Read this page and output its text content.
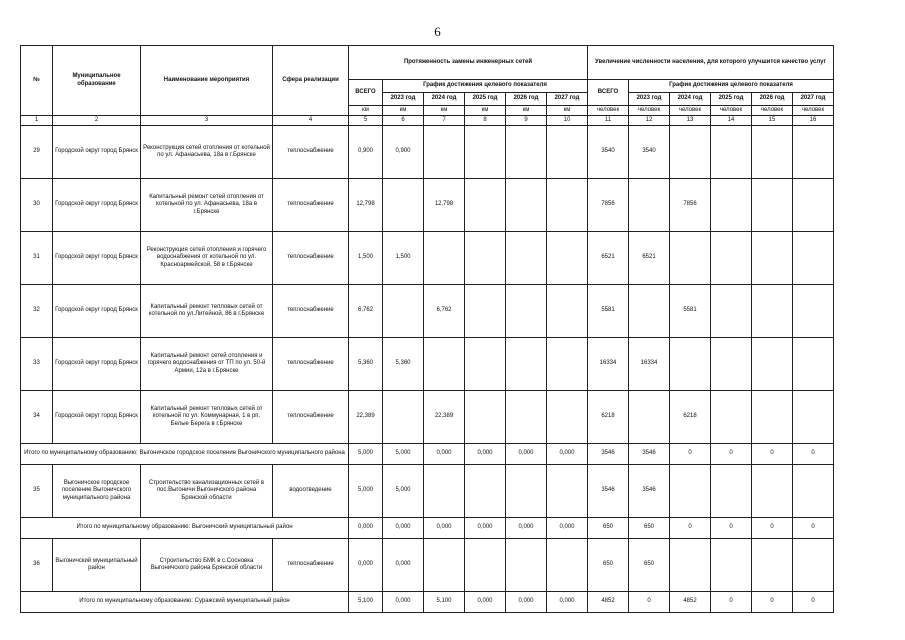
6
№	Муниципальное образование	Наименование мероприятия	Сфера реализации	Протяженность замены инженерных сетей						Увеличение численности населения, для которого улучшится качество услуг					
				ВСЕГО	График достижения целевого показателя					ВСЕГО	График достижения целевого показателя				
					2023 год	2024 год	2025 год	2026 год	2027 год		2023 год	2024 год	2025 год	2026 год	2027 год
				км	км	км	км	км	км	человек	человек	человек	человек	человек	человек
1	2	3	4	5	6	7	8	9	10	11	12	13	14	15	16
29	Городской округ город Брянск	Реконструкция сетей отопления от котельной по ул. Афанасьева, 18а в г.Брянске	теплоснабжение	0,900	0,900					3540	3540				
30	Городской округ город Брянск	Капитальный ремонт сетей отопления от котельной по ул. Афанасьева, 18а в г.Брянске	теплоснабжение	12,798		12,798				7856		7856			
31	Городской округ город Брянск	Реконструкция сетей отопления и горячего водоснабжения от котельной по ул. Красноармейской, 58 в г.Брянске	теплоснабжение	1,500	1,500					6521	6521				
32	Городской округ город Брянск	Капитальный ремонт тепловых сетей от котельной по ул.Литейной, 86 в г.Брянске	теплоснабжение	6,762		6,762				5581		5581			
33	Городской округ город Брянск	Капитальный ремонт сетей отопления и горячего водоснабжения от ТП по ул. 50-й Армии, 12а в г.Брянске	теплоснабжение	5,360	5,360					16334	16334				
34	Городской округ город Брянск	Капитальный ремонт тепловых сетей от котельной по ул. Коммунарная, 1 в рп. Белые Берега в г.Брянске	теплоснабжение	22,389		22,389				6218		6218			
Итого по муниципальному образованию: Выгоничское городское поселение Выгоничского муниципального района				5,000	5,000	0,000	0,000	0,000	0,000	3546	3546	0	0	0	0
35	Выгоничское городское поселение Выгоничского муниципального района	Строительство канализационных сетей в пос.Выгоничи Выгоничского района Брянской области	водоотведение	5,000	5,000					3546	3546				
Итого по муниципальному образованию: Выгоничский муниципальный район				0,000	0,000	0,000	0,000	0,000	0,000	650	650	0	0	0	0
36	Выгоничский муниципальный район	Строительство БМК в с.Сосновка Выгоничского района Брянской области	теплоснабжение	0,000	0,000					650	650				
Итого по муниципальному образованию: Суражский муниципальный район				5,100	0,000	5,100	0,000	0,000	0,000	4852	0	4852	0	0	0
